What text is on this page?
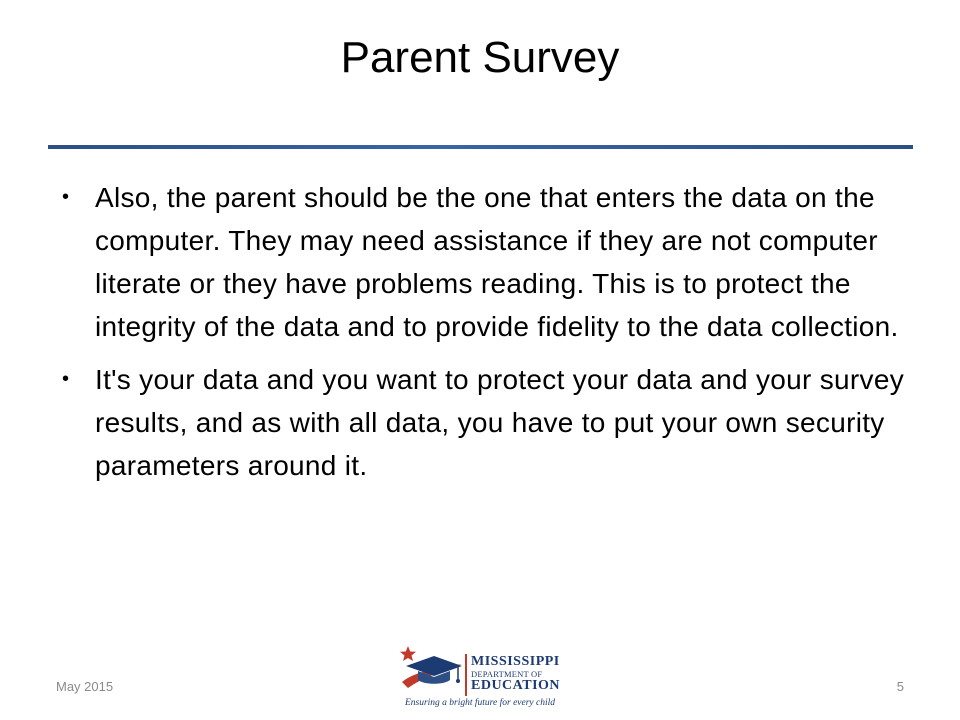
Parent Survey
• Also, the parent should be the one that enters the data on the computer. They may need assistance if they are not computer literate or they have problems reading. This is to protect the integrity of the data and to provide fidelity to the data collection.
• It's your data and you want to protect your data and your survey results, and as with all data, you have to put your own security parameters around it.
May 2015
MISSISSIPPI
DEPARTMENT OF
EDUCATION
Ensuring a bright future for every child
5
